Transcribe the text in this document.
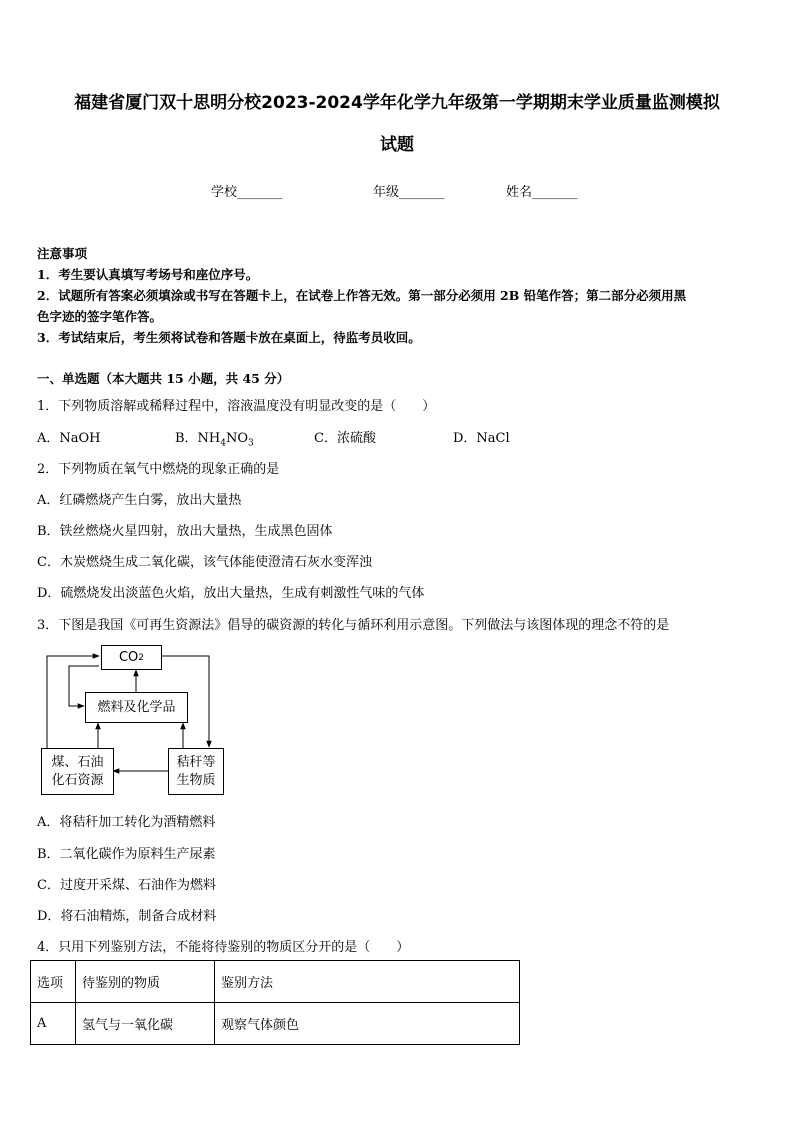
福建省厦门双十思明分校2023-2024学年化学九年级第一学期期末学业质量监测模拟
试题
学校_______	年级_______	姓名_______
注意事项
1．考生要认真填写考场号和座位序号。
2．试题所有答案必须填涂或书写在答题卡上，在试卷上作答无效。第一部分必须用 2B 铅笔作答；第二部分必须用黑
色字迹的签字笔作答。
3．考试结束后，考生须将试卷和答题卡放在桌面上，待监考员收回。
一、单选题（本大题共 15 小题，共 45 分）
1．下列物质溶解或稀释过程中，溶液温度没有明显改变的是（　　）
A．NaOH	B．$NH_4NO_3$	C．浓硫酸	D．NaCl
2．下列物质在氧气中燃烧的现象正确的是
A．红磷燃烧产生白雾，放出大量热
B．铁丝燃烧火星四射，放出大量热，生成黑色固体
C．木炭燃烧生成二氧化碳，该气体能使澄清石灰水变浑浊
D．硫燃烧发出淡蓝色火焰，放出大量热，生成有刺激性气味的气体
3．下图是我国《可再生资源法》倡导的碳资源的转化与循环利用示意图。下列做法与该图体现的理念不符的是
CO 2
燃料及化学品
煤、石油
化石资源
秸秆等
生物质
A．将秸秆加工转化为酒精燃料
B．二氧化碳作为原料生产尿素
C．过度开采煤、石油作为燃料
D．将石油精炼，制备合成材料
4．只用下列鉴别方法，不能将待鉴别的物质区分开的是（　　）
选项	待鉴别的物质	鉴别方法
A	氢气与一氧化碳	观察气体颜色
